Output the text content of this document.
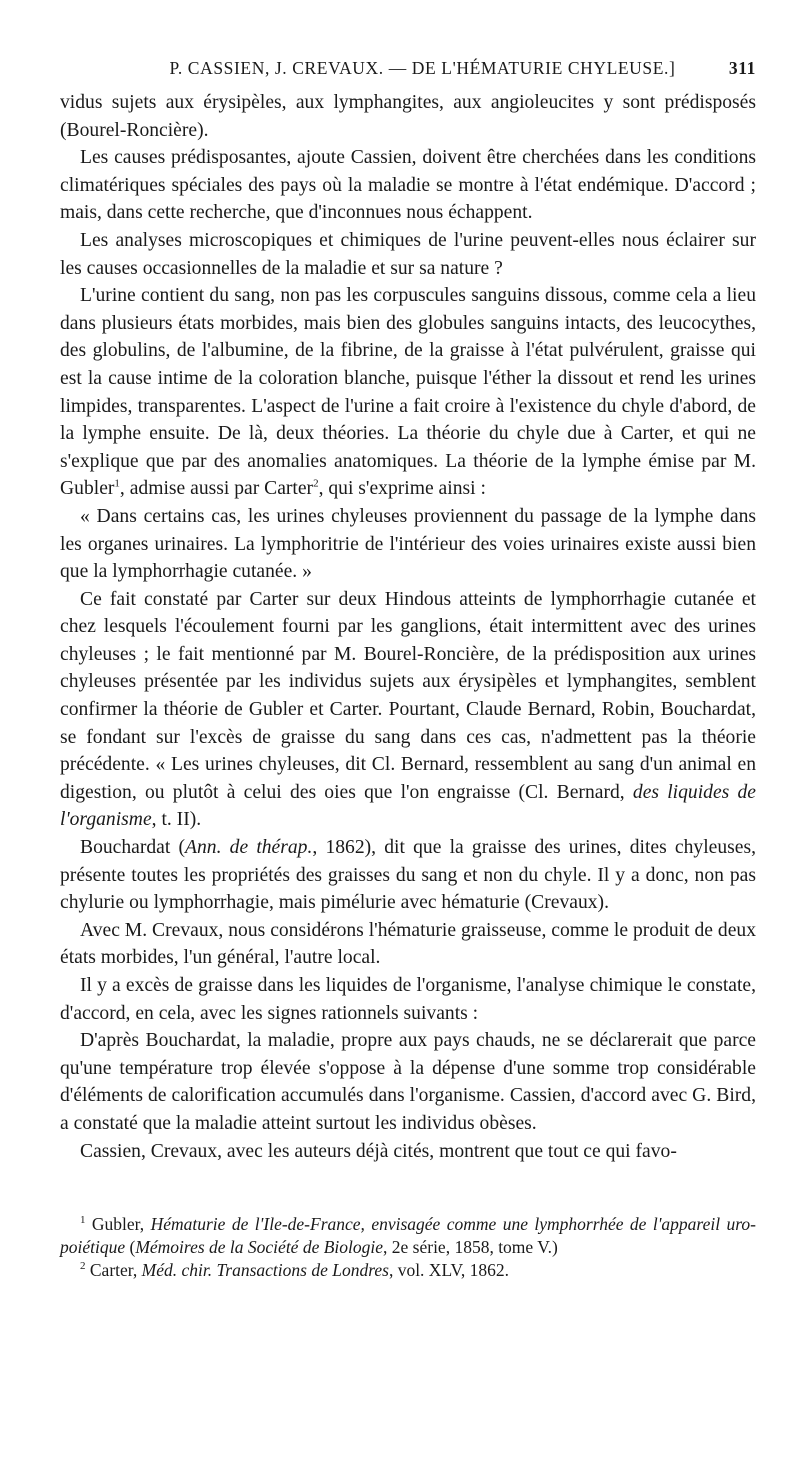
P. CASSIEN, J. CREVAUX. — DE L'HÉMATURIE CHYLEUSE.]	311

vidus sujets aux érysipèles, aux lymphangites, aux angioleucites y sont prédisposés (Bourel-Roncière).

Les causes prédisposantes, ajoute Cassien, doivent être cherchées dans les conditions climatériques spéciales des pays où la maladie se montre à l'état endémique. D'accord ; mais, dans cette recherche, que d'inconnues nous échappent.

Les analyses microscopiques et chimiques de l'urine peuvent-elles nous éclairer sur les causes occasionnelles de la maladie et sur sa nature ?

L'urine contient du sang, non pas les corpuscules sanguins dissous, comme cela a lieu dans plusieurs états morbides, mais bien des globules sanguins intacts, des leucocythes, des globulins, de l'albumine, de la fibrine, de la graisse à l'état pulvérulent, graisse qui est la cause intime de la coloration blanche, puisque l'éther la dissout et rend les urines limpides, transparentes. L'aspect de l'urine a fait croire à l'existence du chyle d'abord, de la lymphe ensuite. De là, deux théories. La théorie du chyle due à Carter, et qui ne s'explique que par des anomalies anatomiques. La théorie de la lymphe émise par M. Gubler$^1$, admise aussi par Carter$^2$, qui s'exprime ainsi :

« Dans certains cas, les urines chyleuses proviennent du passage de la lymphe dans les organes urinaires. La lymphoritrie de l'intérieur des voies urinaires existe aussi bien que la lymphorrhagie cutanée. »

Ce fait constaté par Carter sur deux Hindous atteints de lymphorrhagie cutanée et chez lesquels l'écoulement fourni par les ganglions, était intermittent avec des urines chyleuses ; le fait mentionné par M. Bourel-Roncière, de la prédisposition aux urines chyleuses présentée par les individus sujets aux érysipèles et lymphangites, semblent confirmer la théorie de Gubler et Carter. Pourtant, Claude Bernard, Robin, Bouchardat, se fondant sur l'excès de graisse du sang dans ces cas, n'admettent pas la théorie précédente. « Les urines chyleuses, dit Cl. Bernard, ressemblent au sang d'un animal en digestion, ou plutôt à celui des oies que l'on engraisse (Cl. Bernard, des liquides de l'organisme, t. II).

Bouchardat (Ann. de thérap., 1862), dit que la graisse des urines, dites chyleuses, présente toutes les propriétés des graisses du sang et non du chyle. Il y a donc, non pas chylurie ou lymphorrhagie, mais pimélurie avec hématurie (Crevaux).

Avec M. Crevaux, nous considérons l'hématurie graisseuse, comme le produit de deux états morbides, l'un général, l'autre local.

Il y a excès de graisse dans les liquides de l'organisme, l'analyse chimique le constate, d'accord, en cela, avec les signes rationnels suivants :

D'après Bouchardat, la maladie, propre aux pays chauds, ne se déclarerait que parce qu'une température trop élevée s'oppose à la dépense d'une somme trop considérable d'éléments de calorification accumulés dans l'organisme. Cassien, d'accord avec G. Bird, a constaté que la maladie atteint surtout les individus obèses.

Cassien, Crevaux, avec les auteurs déjà cités, montrent que tout ce qui favo-

$^1$ Gubler, Hématurie de l'Ile-de-France, envisagée comme une lymphorrhée de l'appareil uro-poiétique (Mémoires de la Société de Biologie, 2e série, 1858, tome V.)

$^2$ Carter, Méd. chir. Transactions de Londres, vol. XLV, 1862.
